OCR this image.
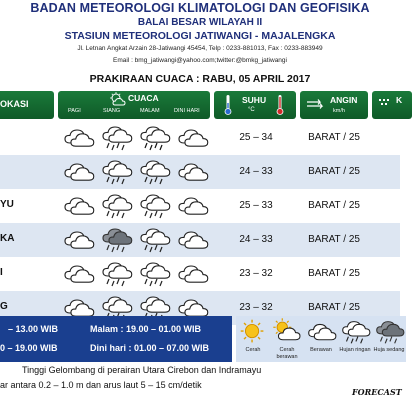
BADAN METEOROLOGI KLIMATOLOGI DAN GEOFISIKA
BALAI BESAR WILAYAH II
STASIUN METEOROLOGI JATIWANGI - MAJALENGKA
Jl. Letnan Angkat Arzain 28-Jatiwangi 45454, Telp : 0233-881013, Fax : 0233-883949
Email : bmg_jatiwangi@yahoo.com;twitter:@bmkg_jatiwangi
PRAKIRAAN CUACA : RABU, 05 APRIL 2017
OKASI
CUACA
PAGI	SIANG	MALAM	DINI HARI
SUHU
°C
ANGIN
km/h
K
25 – 34	BARAT / 25
24 – 33	BARAT / 25
YU	25 – 33	BARAT / 25
KA	24 – 33	BARAT / 25
I	23 – 32	BARAT / 25
G	23 – 32	BARAT / 25
– 13.00 WIB
0 – 19.00 WIB
Malam : 19.00 – 01.00 WIB
Dini hari : 01.00 – 07.00 WIB	Cerah	Cerah berawan
Berawan	Hujan ringan Huja sedang
Tinggi Gelombang di perairan Utara Cirebon dan Indramayu
ar antara 0.2 – 1.0 m dan arus laut 5 – 15 cm/detik
FORECAST
